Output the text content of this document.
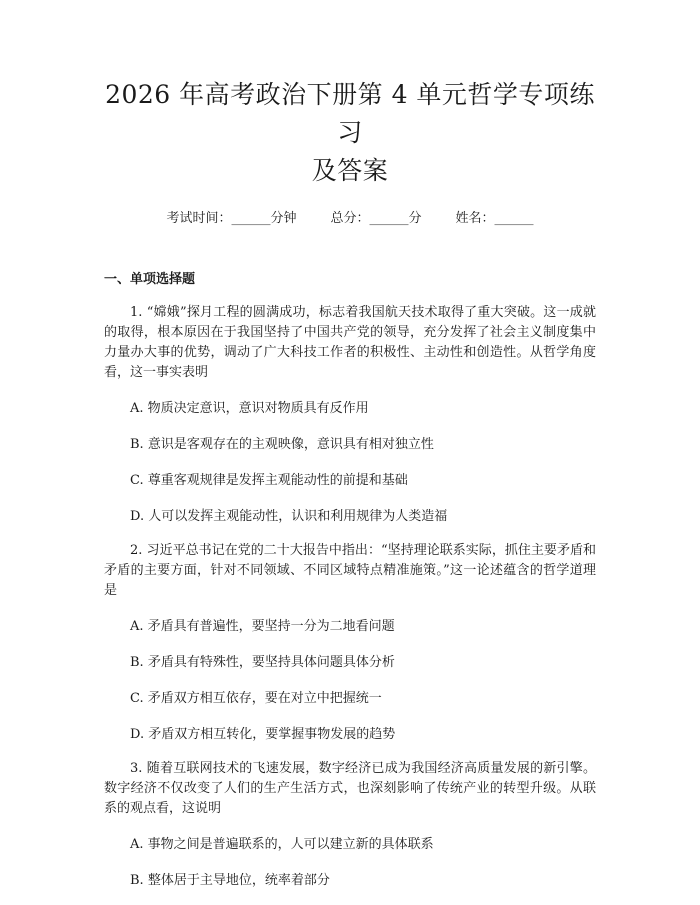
2026 年高考政治下册第 4 单元哲学专项练习
及答案
考试时间：______分钟	总分：______分	姓名：______
一、单项选择题

1. “嫦娥”探月工程的圆满成功，标志着我国航天技术取得了重大突破。这一成就的取得，根本原因在于我国坚持了中国共产党的领导，充分发挥了社会主义制度集中力量办大事的优势，调动了广大科技工作者的积极性、主动性和创造性。从哲学角度看，这一事实表明

A. 物质决定意识，意识对物质具有反作用

B. 意识是客观存在的主观映像，意识具有相对独立性

C. 尊重客观规律是发挥主观能动性的前提和基础

D. 人可以发挥主观能动性，认识和利用规律为人类造福

2. 习近平总书记在党的二十大报告中指出：“坚持理论联系实际，抓住主要矛盾和矛盾的主要方面，针对不同领域、不同区域特点精准施策。”这一论述蕴含的哲学道理是

A. 矛盾具有普遍性，要坚持一分为二地看问题

B. 矛盾具有特殊性，要坚持具体问题具体分析

C. 矛盾双方相互依存，要在对立中把握统一

D. 矛盾双方相互转化，要掌握事物发展的趋势

3. 随着互联网技术的飞速发展，数字经济已成为我国经济高质量发展的新引擎。数字经济不仅改变了人们的生产生活方式，也深刻影响了传统产业的转型升级。从联系的观点看，这说明

A. 事物之间是普遍联系的，人可以建立新的具体联系

B. 整体居于主导地位，统率着部分
